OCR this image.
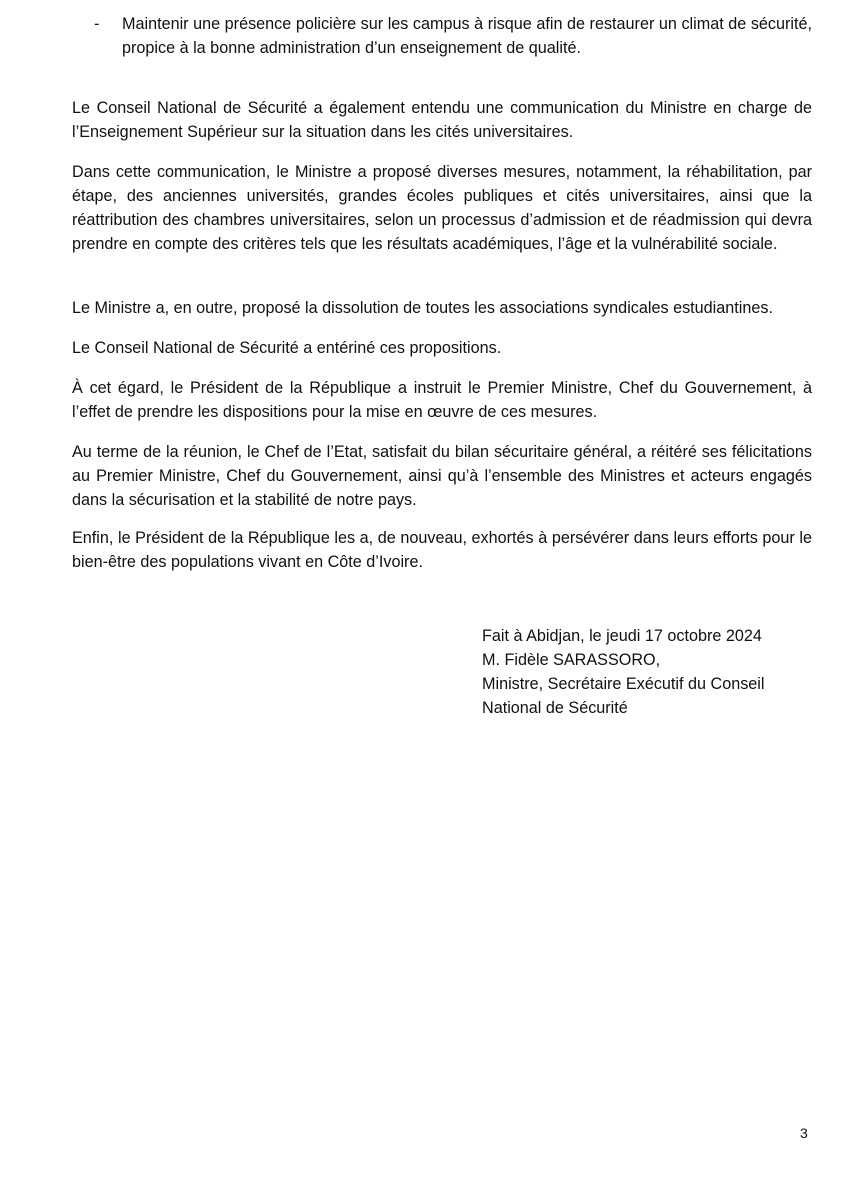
- Maintenir une présence policière sur les campus à risque afin de restaurer un climat de sécurité, propice à la bonne administration d’un enseignement de qualité.

Le Conseil National de Sécurité a également entendu une communication du Ministre en charge de l’Enseignement Supérieur sur la situation dans les cités universitaires.

Dans cette communication, le Ministre a proposé diverses mesures, notamment, la réhabilitation, par étape, des anciennes universités, grandes écoles publiques et cités universitaires, ainsi que la réattribution des chambres universitaires, selon un processus d’admission et de réadmission qui devra prendre en compte des critères tels que les résultats académiques, l’âge et la vulnérabilité sociale.

Le Ministre a, en outre, proposé la dissolution de toutes les associations syndicales estudiantines.

Le Conseil National de Sécurité a entériné ces propositions.

À cet égard, le Président de la République a instruit le Premier Ministre, Chef du Gouvernement, à l’effet de prendre les dispositions pour la mise en œuvre de ces mesures.

Au terme de la réunion, le Chef de l’Etat, satisfait du bilan sécuritaire général, a réitéré ses félicitations au Premier Ministre, Chef du Gouvernement, ainsi qu’à l’ensemble des Ministres et acteurs engagés dans la sécurisation et la stabilité de notre pays.

Enfin, le Président de la République les a, de nouveau, exhortés à persévérer dans leurs efforts pour le bien-être des populations vivant en Côte d’Ivoire.

Fait à Abidjan, le jeudi 17 octobre 2024
M. Fidèle SARASSORO,
Ministre, Secrétaire Exécutif du Conseil
National de Sécurité
3
